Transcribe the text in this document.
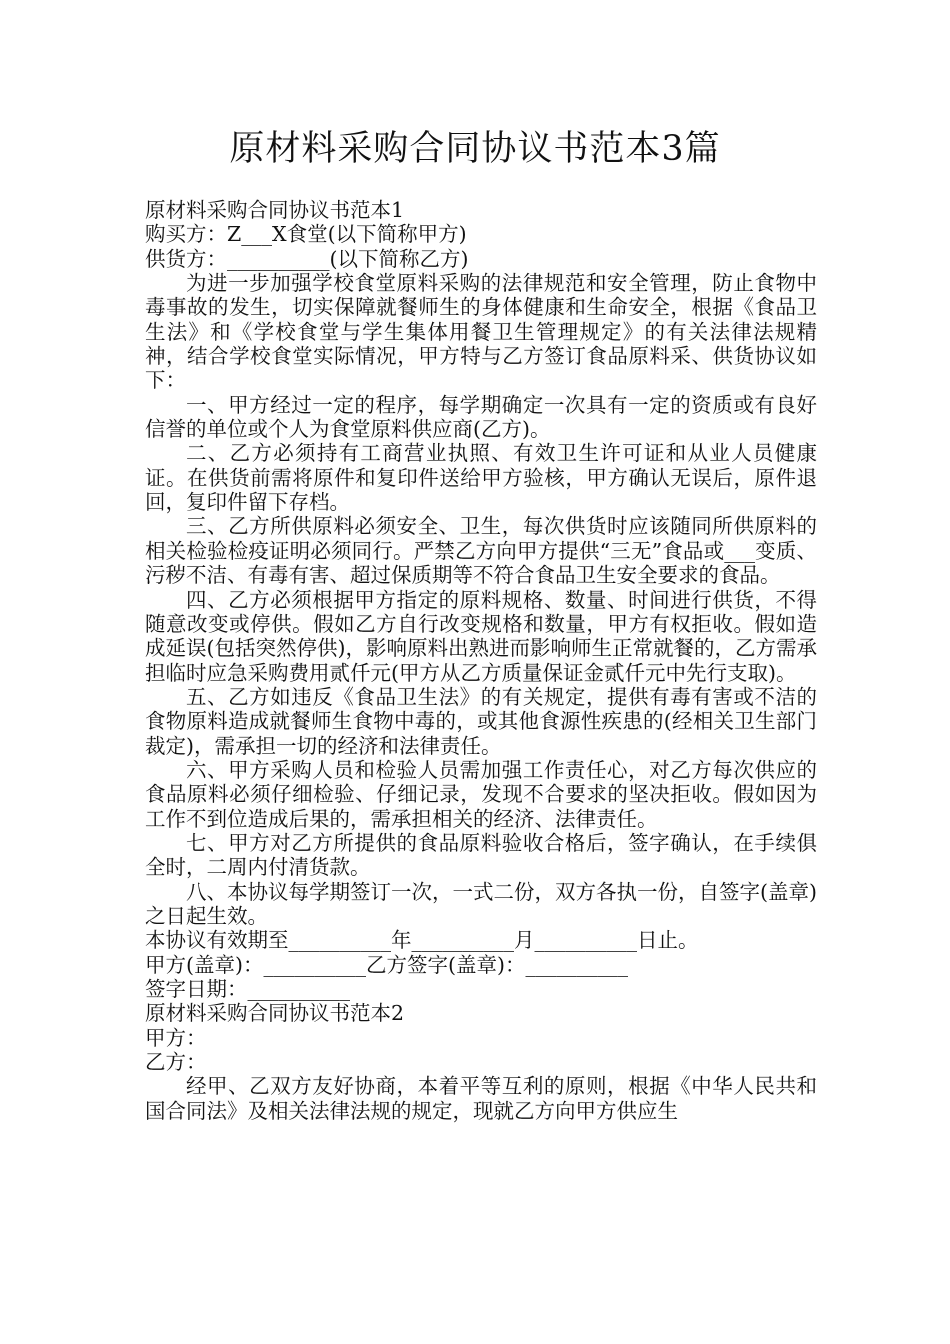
原材料采购合同协议书范本3篇

原材料采购合同协议书范本1

购买方：Z___X食堂(以下简称甲方)

供货方：__________(以下简称乙方)

为进一步加强学校食堂原料采购的法律规范和安全管理，防止食物中毒事故的发生，切实保障就餐师生的身体健康和生命安全，根据《食品卫生法》和《学校食堂与学生集体用餐卫生管理规定》的有关法律法规精神，结合学校食堂实际情况，甲方特与乙方签订食品原料采、供货协议如下：

一、甲方经过一定的程序，每学期确定一次具有一定的资质或有良好信誉的单位或个人为食堂原料供应商(乙方)。

二、乙方必须持有工商营业执照、有效卫生许可证和从业人员健康证。在供货前需将原件和复印件送给甲方验核，甲方确认无误后，原件退回，复印件留下存档。

三、乙方所供原料必须安全、卫生，每次供货时应该随同所供原料的相关检验检疫证明必须同行。严禁乙方向甲方提供“三无”食品或___变质、污秽不洁、有毒有害、超过保质期等不符合食品卫生安全要求的食品。

四、乙方必须根据甲方指定的原料规格、数量、时间进行供货，不得随意改变或停供。假如乙方自行改变规格和数量，甲方有权拒收。假如造成延误(包括突然停供)，影响原料出熟进而影响师生正常就餐的，乙方需承担临时应急采购费用贰仟元(甲方从乙方质量保证金贰仟元中先行支取)。

五、乙方如违反《食品卫生法》的有关规定，提供有毒有害或不洁的食物原料造成就餐师生食物中毒的，或其他食源性疾患的(经相关卫生部门裁定)，需承担一切的经济和法律责任。

六、甲方采购人员和检验人员需加强工作责任心，对乙方每次供应的食品原料必须仔细检验、仔细记录，发现不合要求的坚决拒收。假如因为工作不到位造成后果的，需承担相关的经济、法律责任。

七、甲方对乙方所提供的食品原料验收合格后，签字确认，在手续俱全时，二周内付清货款。

八、本协议每学期签订一次，一式二份，双方各执一份，自签字(盖章)之日起生效。

本协议有效期至__________年__________月__________日止。

甲方(盖章)：__________乙方签字(盖章)：__________

签字日期：__________

原材料采购合同协议书范本2

甲方：

乙方：

经甲、乙双方友好协商，本着平等互利的原则，根据《中华人民共和国合同法》及相关法律法规的规定，现就乙方向甲方供应生
